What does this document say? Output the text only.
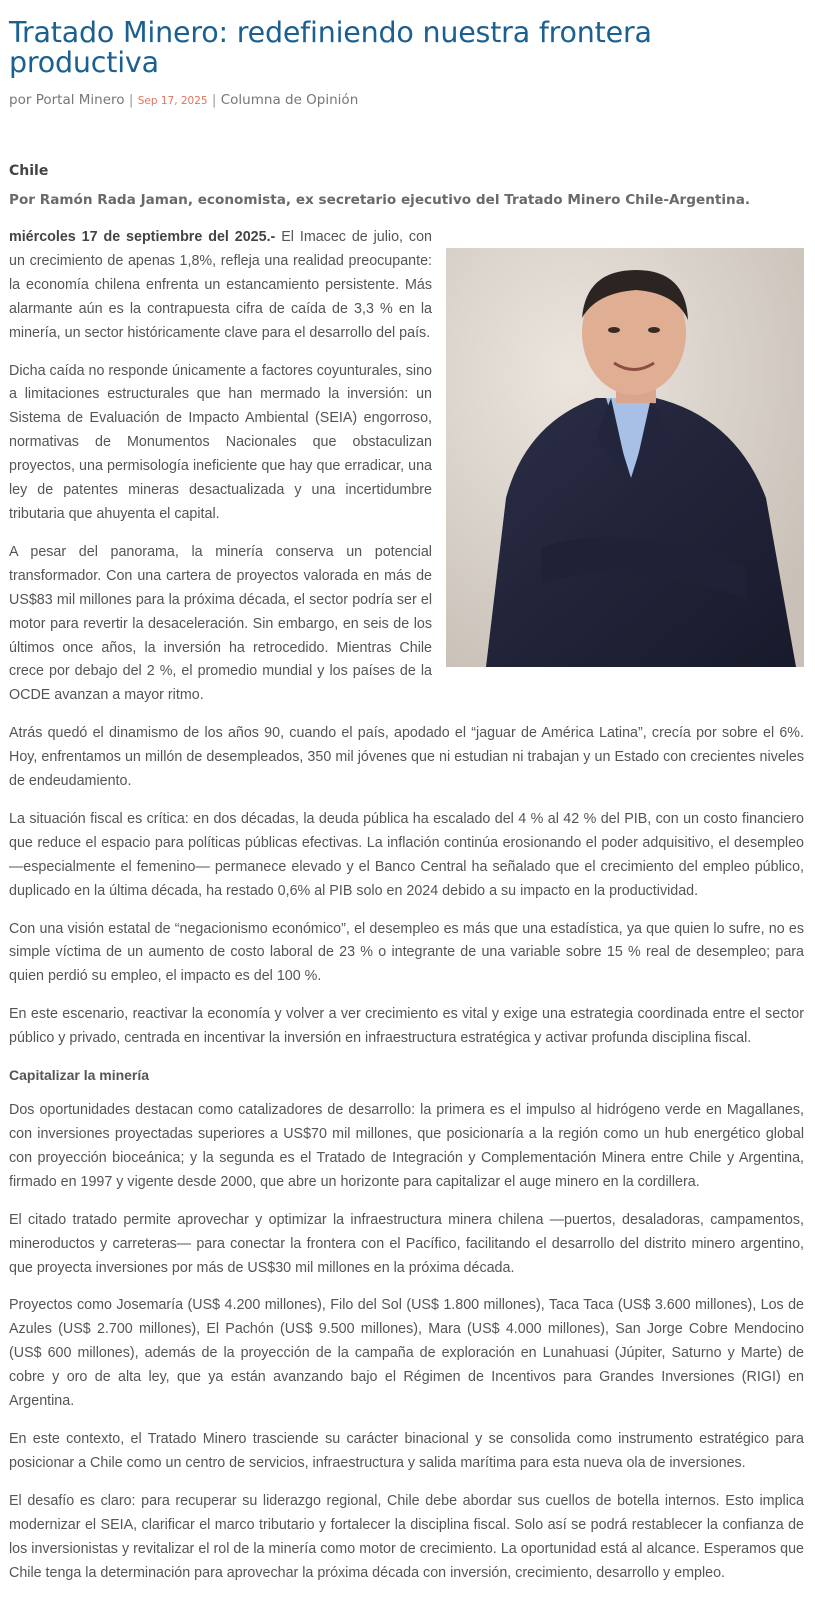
Tratado Minero: redefiniendo nuestra frontera productiva
por Portal Minero | Sep 17, 2025 | Columna de Opinión
Chile
Por Ramón Rada Jaman, economista, ex secretario ejecutivo del Tratado Minero Chile-Argentina.

miércoles 17 de septiembre del 2025.- El Imacec de julio, con un crecimiento de apenas 1,8%, refleja una realidad preocupante: la economía chilena enfrenta un estancamiento persistente. Más alarmante aún es la contrapuesta cifra de caída de 3,3 % en la minería, un sector históricamente clave para el desarrollo del país.

Dicha caída no responde únicamente a factores coyunturales, sino a limitaciones estructurales que han mermado la inversión: un Sistema de Evaluación de Impacto Ambiental (SEIA) engorroso, normativas de Monumentos Nacionales que obstaculizan proyectos, una permisología ineficiente que hay que erradicar, una ley de patentes mineras desactualizada y una incertidumbre tributaria que ahuyenta el capital.

A pesar del panorama, la minería conserva un potencial transformador. Con una cartera de proyectos valorada en más de US$83 mil millones para la próxima década, el sector podría ser el motor para revertir la desaceleración. Sin embargo, en seis de los últimos once años, la inversión ha retrocedido. Mientras Chile crece por debajo del 2 %, el promedio mundial y los países de la OCDE avanzan a mayor ritmo.

Atrás quedó el dinamismo de los años 90, cuando el país, apodado el “jaguar de América Latina”, crecía por sobre el 6%. Hoy, enfrentamos un millón de desempleados, 350 mil jóvenes que ni estudian ni trabajan y un Estado con crecientes niveles de endeudamiento.

La situación fiscal es crítica: en dos décadas, la deuda pública ha escalado del 4 % al 42 % del PIB, con un costo financiero que reduce el espacio para políticas públicas efectivas. La inflación continúa erosionando el poder adquisitivo, el desempleo —especialmente el femenino— permanece elevado y el Banco Central ha señalado que el crecimiento del empleo público, duplicado en la última década, ha restado 0,6% al PIB solo en 2024 debido a su impacto en la productividad.

Con una visión estatal de “negacionismo económico”, el desempleo es más que una estadística, ya que quien lo sufre, no es simple víctima de un aumento de costo laboral de 23 % o integrante de una variable sobre 15 % real de desempleo; para quien perdió su empleo, el impacto es del 100 %.

En este escenario, reactivar la economía y volver a ver crecimiento es vital y exige una estrategia coordinada entre el sector público y privado, centrada en incentivar la inversión en infraestructura estratégica y activar profunda disciplina fiscal.

Capitalizar la minería

Dos oportunidades destacan como catalizadores de desarrollo: la primera es el impulso al hidrógeno verde en Magallanes, con inversiones proyectadas superiores a US$70 mil millones, que posicionaría a la región como un hub energético global con proyección bioceánica; y la segunda es el Tratado de Integración y Complementación Minera entre Chile y Argentina, firmado en 1997 y vigente desde 2000, que abre un horizonte para capitalizar el auge minero en la cordillera.

El citado tratado permite aprovechar y optimizar la infraestructura minera chilena —puertos, desaladoras, campamentos, mineroductos y carreteras— para conectar la frontera con el Pacífico, facilitando el desarrollo del distrito minero argentino, que proyecta inversiones por más de US$30 mil millones en la próxima década.

Proyectos como Josemaría (US$ 4.200 millones), Filo del Sol (US$ 1.800 millones), Taca Taca (US$ 3.600 millones), Los de Azules (US$ 2.700 millones), El Pachón (US$ 9.500 millones), Mara (US$ 4.000 millones), San Jorge Cobre Mendocino (US$ 600 millones), además de la proyección de la campaña de exploración en Lunahuasi (Júpiter, Saturno y Marte) de cobre y oro de alta ley, que ya están avanzando bajo el Régimen de Incentivos para Grandes Inversiones (RIGI) en Argentina.

En este contexto, el Tratado Minero trasciende su carácter binacional y se consolida como instrumento estratégico para posicionar a Chile como un centro de servicios, infraestructura y salida marítima para esta nueva ola de inversiones.

El desafío es claro: para recuperar su liderazgo regional, Chile debe abordar sus cuellos de botella internos. Esto implica modernizar el SEIA, clarificar el marco tributario y fortalecer la disciplina fiscal. Solo así se podrá restablecer la confianza de los inversionistas y revitalizar el rol de la minería como motor de crecimiento. La oportunidad está al alcance. Esperamos que Chile tenga la determinación para aprovechar la próxima década con inversión, crecimiento, desarrollo y empleo.
